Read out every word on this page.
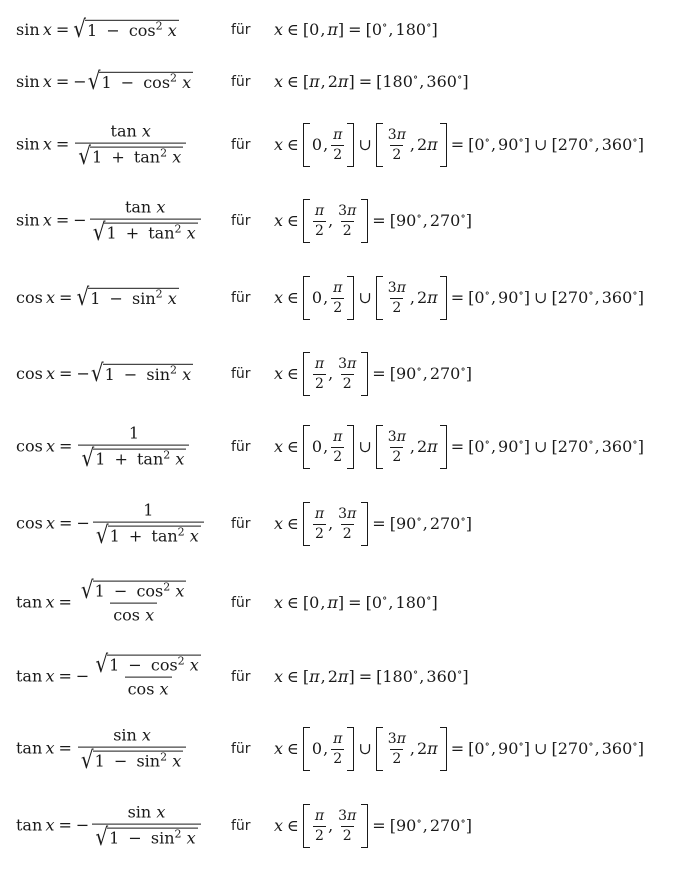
sin
  x = √ $1 - \cos^2 x$	für x ∈ [0, π] = [0∘, 180∘]
sin
  x = − √ $1 - \cos^2 x$	für x ∈ [π, 2π] = [180∘, 360∘]
sin
  $x = \frac{\text{tan x}}{√ 1 + \tan^2 x}$	für x ∈ 0, $\frac{\pi}{2}$ ∪ $\frac{3\pi}{2}$ , 2π = [0∘, 90∘] ∪ [270∘, 360∘]
sin
  x = − $\frac{\text{tan x}}{√ 1 + \tan^2 x}$ für x ∈ $\frac{\pi}{2}$ , $\frac{3\pi}{2} = [90^\circ$, 270∘]
cos
  x = √ $1 - \sin^2 x$	für x ∈ 0, $\frac{\pi}{2}$ ∪ $\frac{3\pi}{2}$ , 2π = [0∘, 90∘] ∪ [270∘, 360∘]
cos
  x = − √ $1 - \sin^2 x$	für x ∈ $\frac{\pi}{2}$ , $\frac{3\pi}{2} = [90^\circ$, 270∘]
cos
  $x = \frac{1}{√ 1 + \tan^2 x}$	für x ∈ 0, $\frac{\pi}{2}$ ∪ $\frac{3\pi}{2}$ , 2π = [0∘, 90∘] ∪ [270∘, 360∘]
cos
  x = − $\frac{1}{√ 1 + \tan^2 x}$ für x ∈ $\frac{\pi}{2}$ , $\frac{3\pi}{2} = [90^\circ$, 270∘]
tan
  $x = \frac{√ 1 - \cos^2 x}{\text{cos x}}$	für x ∈ [0, π] = [0∘, 180∘]
tan
  x = − $\frac{√ 1 - \cos^2 x}{\text{cos x}}$ für x ∈ [π, 2π] = [180∘, 360∘]
tan
  $x = \frac{\text{sin x}}{√ 1 - \sin^2 x}$	für x ∈ 0, $\frac{\pi}{2}$ ∪ $\frac{3\pi}{2}$ , 2π = [0∘, 90∘] ∪ [270∘, 360∘]
tan
  x = − $\frac{\text{sin x}}{√ 1 - \sin^2 x}$ für x ∈ $\frac{\pi}{2}$ , $\frac{3\pi}{2} = [90^\circ$, 270∘]
